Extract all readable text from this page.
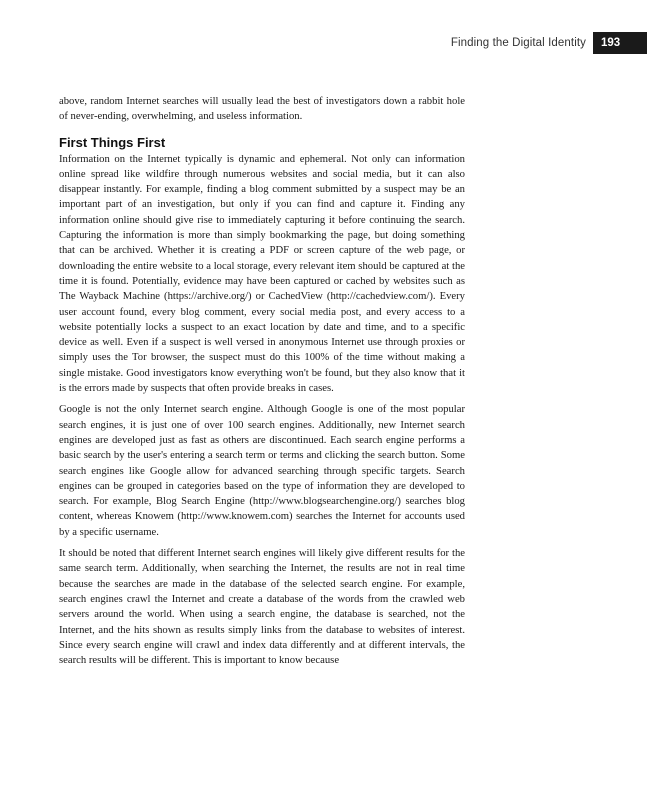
Finding the Digital Identity	193

above, random Internet searches will usually lead the best of investigators down a rabbit hole of never-ending, overwhelming, and useless information.

First Things First

Information on the Internet typically is dynamic and ephemeral. Not only can information online spread like wildfire through numerous websites and social media, but it can also disappear instantly. For example, finding a blog comment submitted by a suspect may be an important part of an investigation, but only if you can find and capture it. Finding any information online should give rise to immediately capturing it before continuing the search. Capturing the information is more than simply bookmarking the page, but doing something that can be archived. Whether it is creating a PDF or screen capture of the web page, or downloading the entire website to a local storage, every relevant item should be captured at the time it is found. Potentially, evidence may have been captured or cached by websites such as The Wayback Machine (https://archive.org/) or CachedView (http://cachedview.com/). Every user account found, every blog comment, every social media post, and every access to a website potentially locks a suspect to an exact location by date and time, and to a specific device as well. Even if a suspect is well versed in anonymous Internet use through proxies or simply uses the Tor browser, the suspect must do this 100% of the time without making a single mistake. Good investigators know everything won't be found, but they also know that it is the errors made by suspects that often provide breaks in cases.

Google is not the only Internet search engine. Although Google is one of the most popular search engines, it is just one of over 100 search engines. Additionally, new Internet search engines are developed just as fast as others are discontinued. Each search engine performs a basic search by the user's entering a search term or terms and clicking the search button. Some search engines like Google allow for advanced searching through specific targets. Search engines can be grouped in categories based on the type of information they are developed to search. For example, Blog Search Engine (http://www.blogsearchengine.org/) searches blog content, whereas Knowem (http://www.knowem.com) searches the Internet for accounts used by a specific username.

It should be noted that different Internet search engines will likely give different results for the same search term. Additionally, when searching the Internet, the results are not in real time because the searches are made in the database of the selected search engine. For example, search engines crawl the Internet and create a database of the words from the crawled web servers around the world. When using a search engine, the database is searched, not the Internet, and the hits shown as results simply links from the database to websites of interest. Since every search engine will crawl and index data differently and at different intervals, the search results will be different. This is important to know because
